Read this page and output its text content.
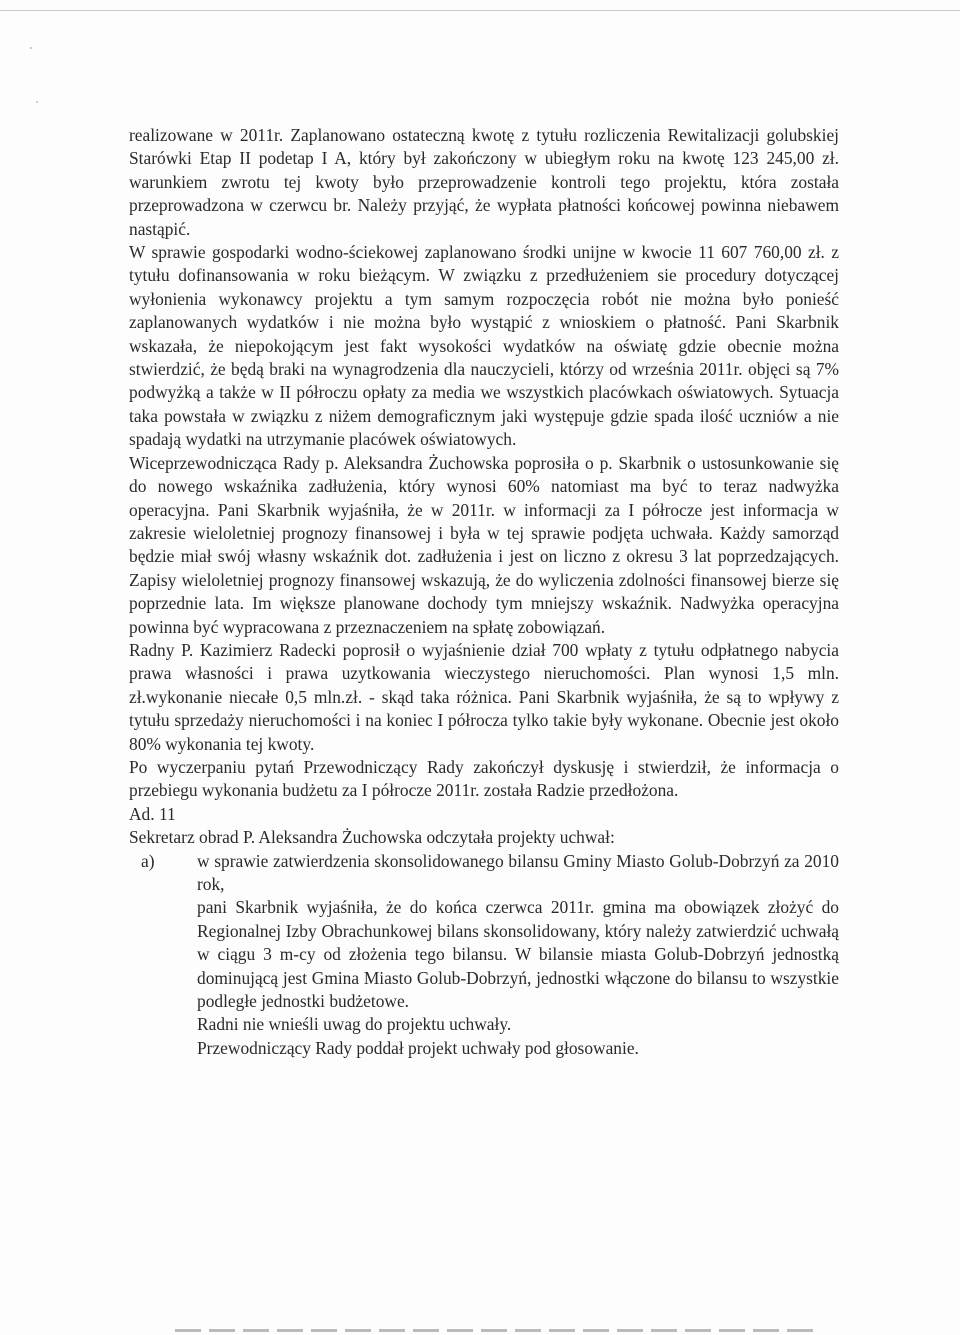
realizowane w 2011r. Zaplanowano ostateczną kwotę z tytułu rozliczenia Rewitalizacji golubskiej Starówki Etap II podetap I A, który był zakończony w ubiegłym roku na kwotę 123 245,00 zł. warunkiem zwrotu tej kwoty było przeprowadzenie kontroli tego projektu, która została przeprowadzona w czerwcu br. Należy przyjąć, że wypłata płatności końcowej powinna niebawem nastąpić.

W sprawie gospodarki wodno-ściekowej zaplanowano środki unijne w kwocie 11 607 760,00 zł. z tytułu dofinansowania w roku bieżącym. W związku z przedłużeniem sie procedury dotyczącej wyłonienia wykonawcy projektu a tym samym rozpoczęcia robót nie można było ponieść zaplanowanych wydatków i nie można było wystąpić z wnioskiem o płatność. Pani Skarbnik wskazała, że niepokojącym jest fakt wysokości wydatków na oświatę gdzie obecnie można stwierdzić, że będą braki na wynagrodzenia dla nauczycieli, którzy od września 2011r. objęci są 7% podwyżką a także w II półroczu opłaty za media we wszystkich placówkach oświatowych. Sytuacja taka powstała w związku z niżem demograficznym jaki występuje gdzie spada ilość uczniów a nie spadają wydatki na utrzymanie placówek oświatowych.

Wiceprzewodnicząca Rady p. Aleksandra Żuchowska poprosiła o p. Skarbnik o ustosunkowanie się do nowego wskaźnika zadłużenia, który wynosi 60% natomiast ma być to teraz nadwyżka operacyjna. Pani Skarbnik wyjaśniła, że w 2011r. w informacji za I półrocze jest informacja w zakresie wieloletniej prognozy finansowej i była w tej sprawie podjęta uchwała. Każdy samorząd będzie miał swój własny wskaźnik dot. zadłużenia i jest on liczno z okresu 3 lat poprzedzających. Zapisy wieloletniej prognozy finansowej wskazują, że do wyliczenia zdolności finansowej bierze się poprzednie lata. Im większe planowane dochody tym mniejszy wskaźnik. Nadwyżka operacyjna powinna być wypracowana z przeznaczeniem na spłatę zobowiązań.

Radny P. Kazimierz Radecki poprosił o wyjaśnienie dział 700 wpłaty z tytułu odpłatnego nabycia prawa własności i prawa uzytkowania wieczystego nieruchomości. Plan wynosi 1,5 mln. zł.wykonanie niecałe 0,5 mln.zł. - skąd taka różnica. Pani Skarbnik wyjaśniła, że są to wpływy z tytułu sprzedaży nieruchomości i na koniec I półrocza tylko takie były wykonane. Obecnie jest około 80% wykonania tej kwoty.

Po wyczerpaniu pytań Przewodniczący Rady zakończył dyskusję i stwierdził, że informacja o przebiegu wykonania budżetu za I półrocze 2011r. została Radzie przedłożona.

Ad. 11

Sekretarz obrad P. Aleksandra Żuchowska odczytała projekty uchwał:

a)	w sprawie zatwierdzenia skonsolidowanego bilansu Gminy Miasto Golub-Dobrzyń za 2010 rok,

pani Skarbnik wyjaśniła, że do końca czerwca 2011r. gmina ma obowiązek złożyć do Regionalnej Izby Obrachunkowej bilans skonsolidowany, który należy zatwierdzić uchwałą w ciągu 3 m-cy od złożenia tego bilansu. W bilansie miasta Golub-Dobrzyń jednostką dominującą jest Gmina Miasto Golub-Dobrzyń, jednostki włączone do bilansu to wszystkie podległe jednostki budżetowe.

Radni nie wnieśli uwag do projektu uchwały.

Przewodniczący Rady poddał projekt uchwały pod głosowanie.
